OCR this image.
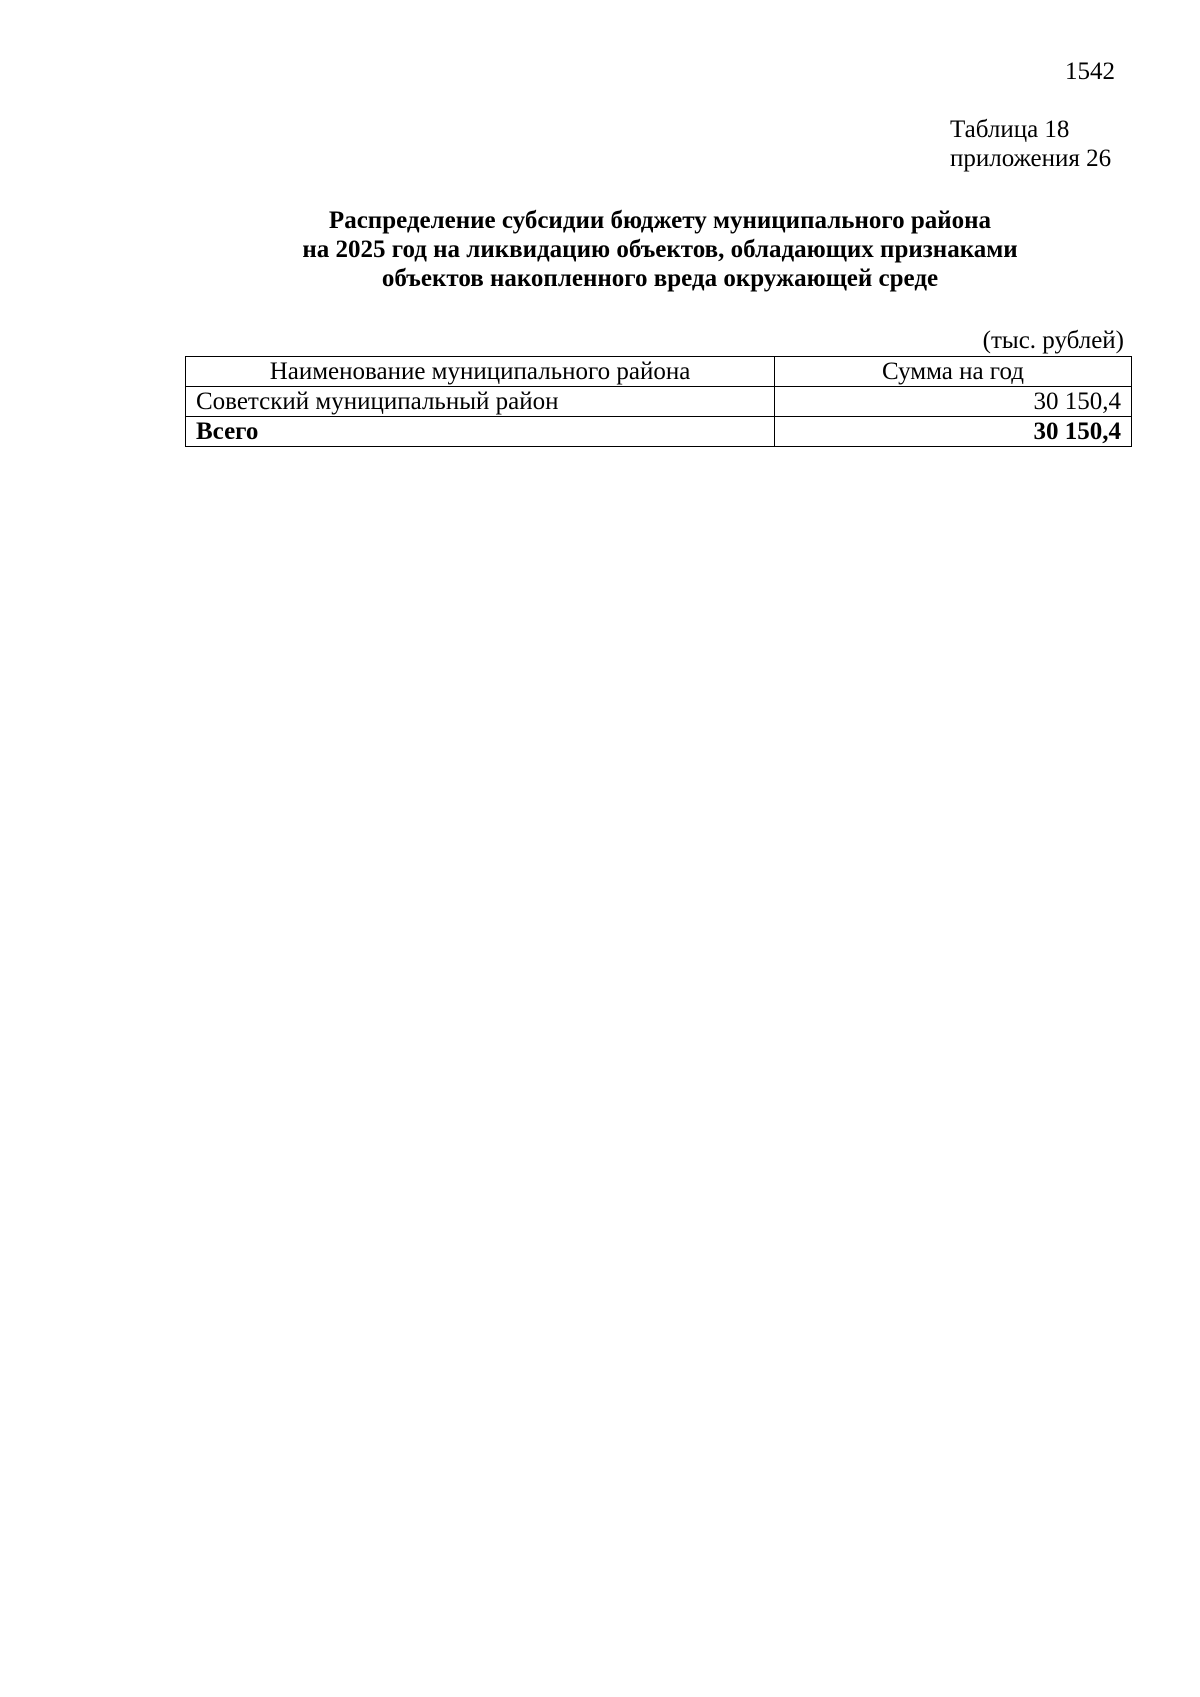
1542
Таблица 18
приложения 26
Распределение субсидии бюджету муниципального района
на 2025 год на ликвидацию объектов, обладающих признаками
объектов накопленного вреда окружающей среде
(тыс. рублей)
Наименование муниципального района	Сумма на год
Советский муниципальный район	30 150,4
Всего	30 150,4
